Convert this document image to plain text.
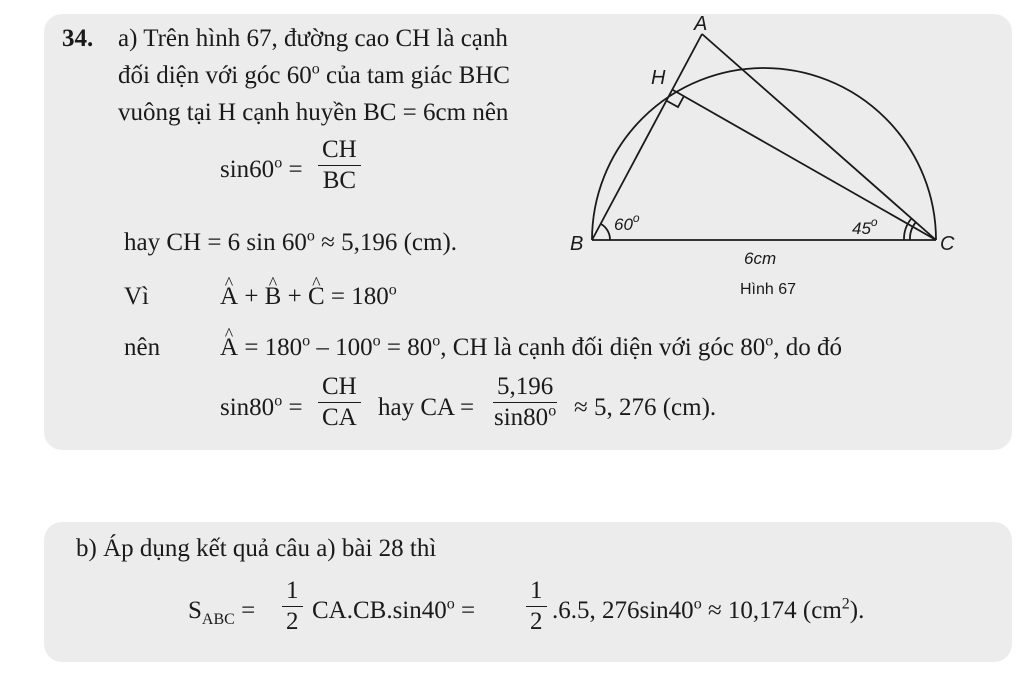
34. a) Trên hình 67, đường cao CH là cạnh
đối diện với góc 60$^o$ của tam giác BHC
vuông tại H cạnh huyền BC = 6cm nên
$\sin 60^o = \frac{CH}{BC}$
hay CH = 6 $\sin 60^o \approx 5,196$ (cm).
Vì	^ A + ^ B + ^ $C = 180^o$
nên ^ $A = 180^o - 100^o = 80^o$, CH là cạnh đối diện với góc 80$^o$, do đó
$\sin 80^o = \frac{CH}{CA}$ hay CA = $\frac{5,196}{\sin 80^o} \approx 5$, 276 (cm).
A
H
B	C
60$^o$
45$^o$
6cm
Hình 67
b) Áp dụng kết quả câu a) bài 28 thì
$S_{ABC} = \frac{1}{2} CA.CB.\sin 40^o = \frac{1}{2} .6.5$, $276\sin 40^o \approx 10,174$ $(cm^2)$.
